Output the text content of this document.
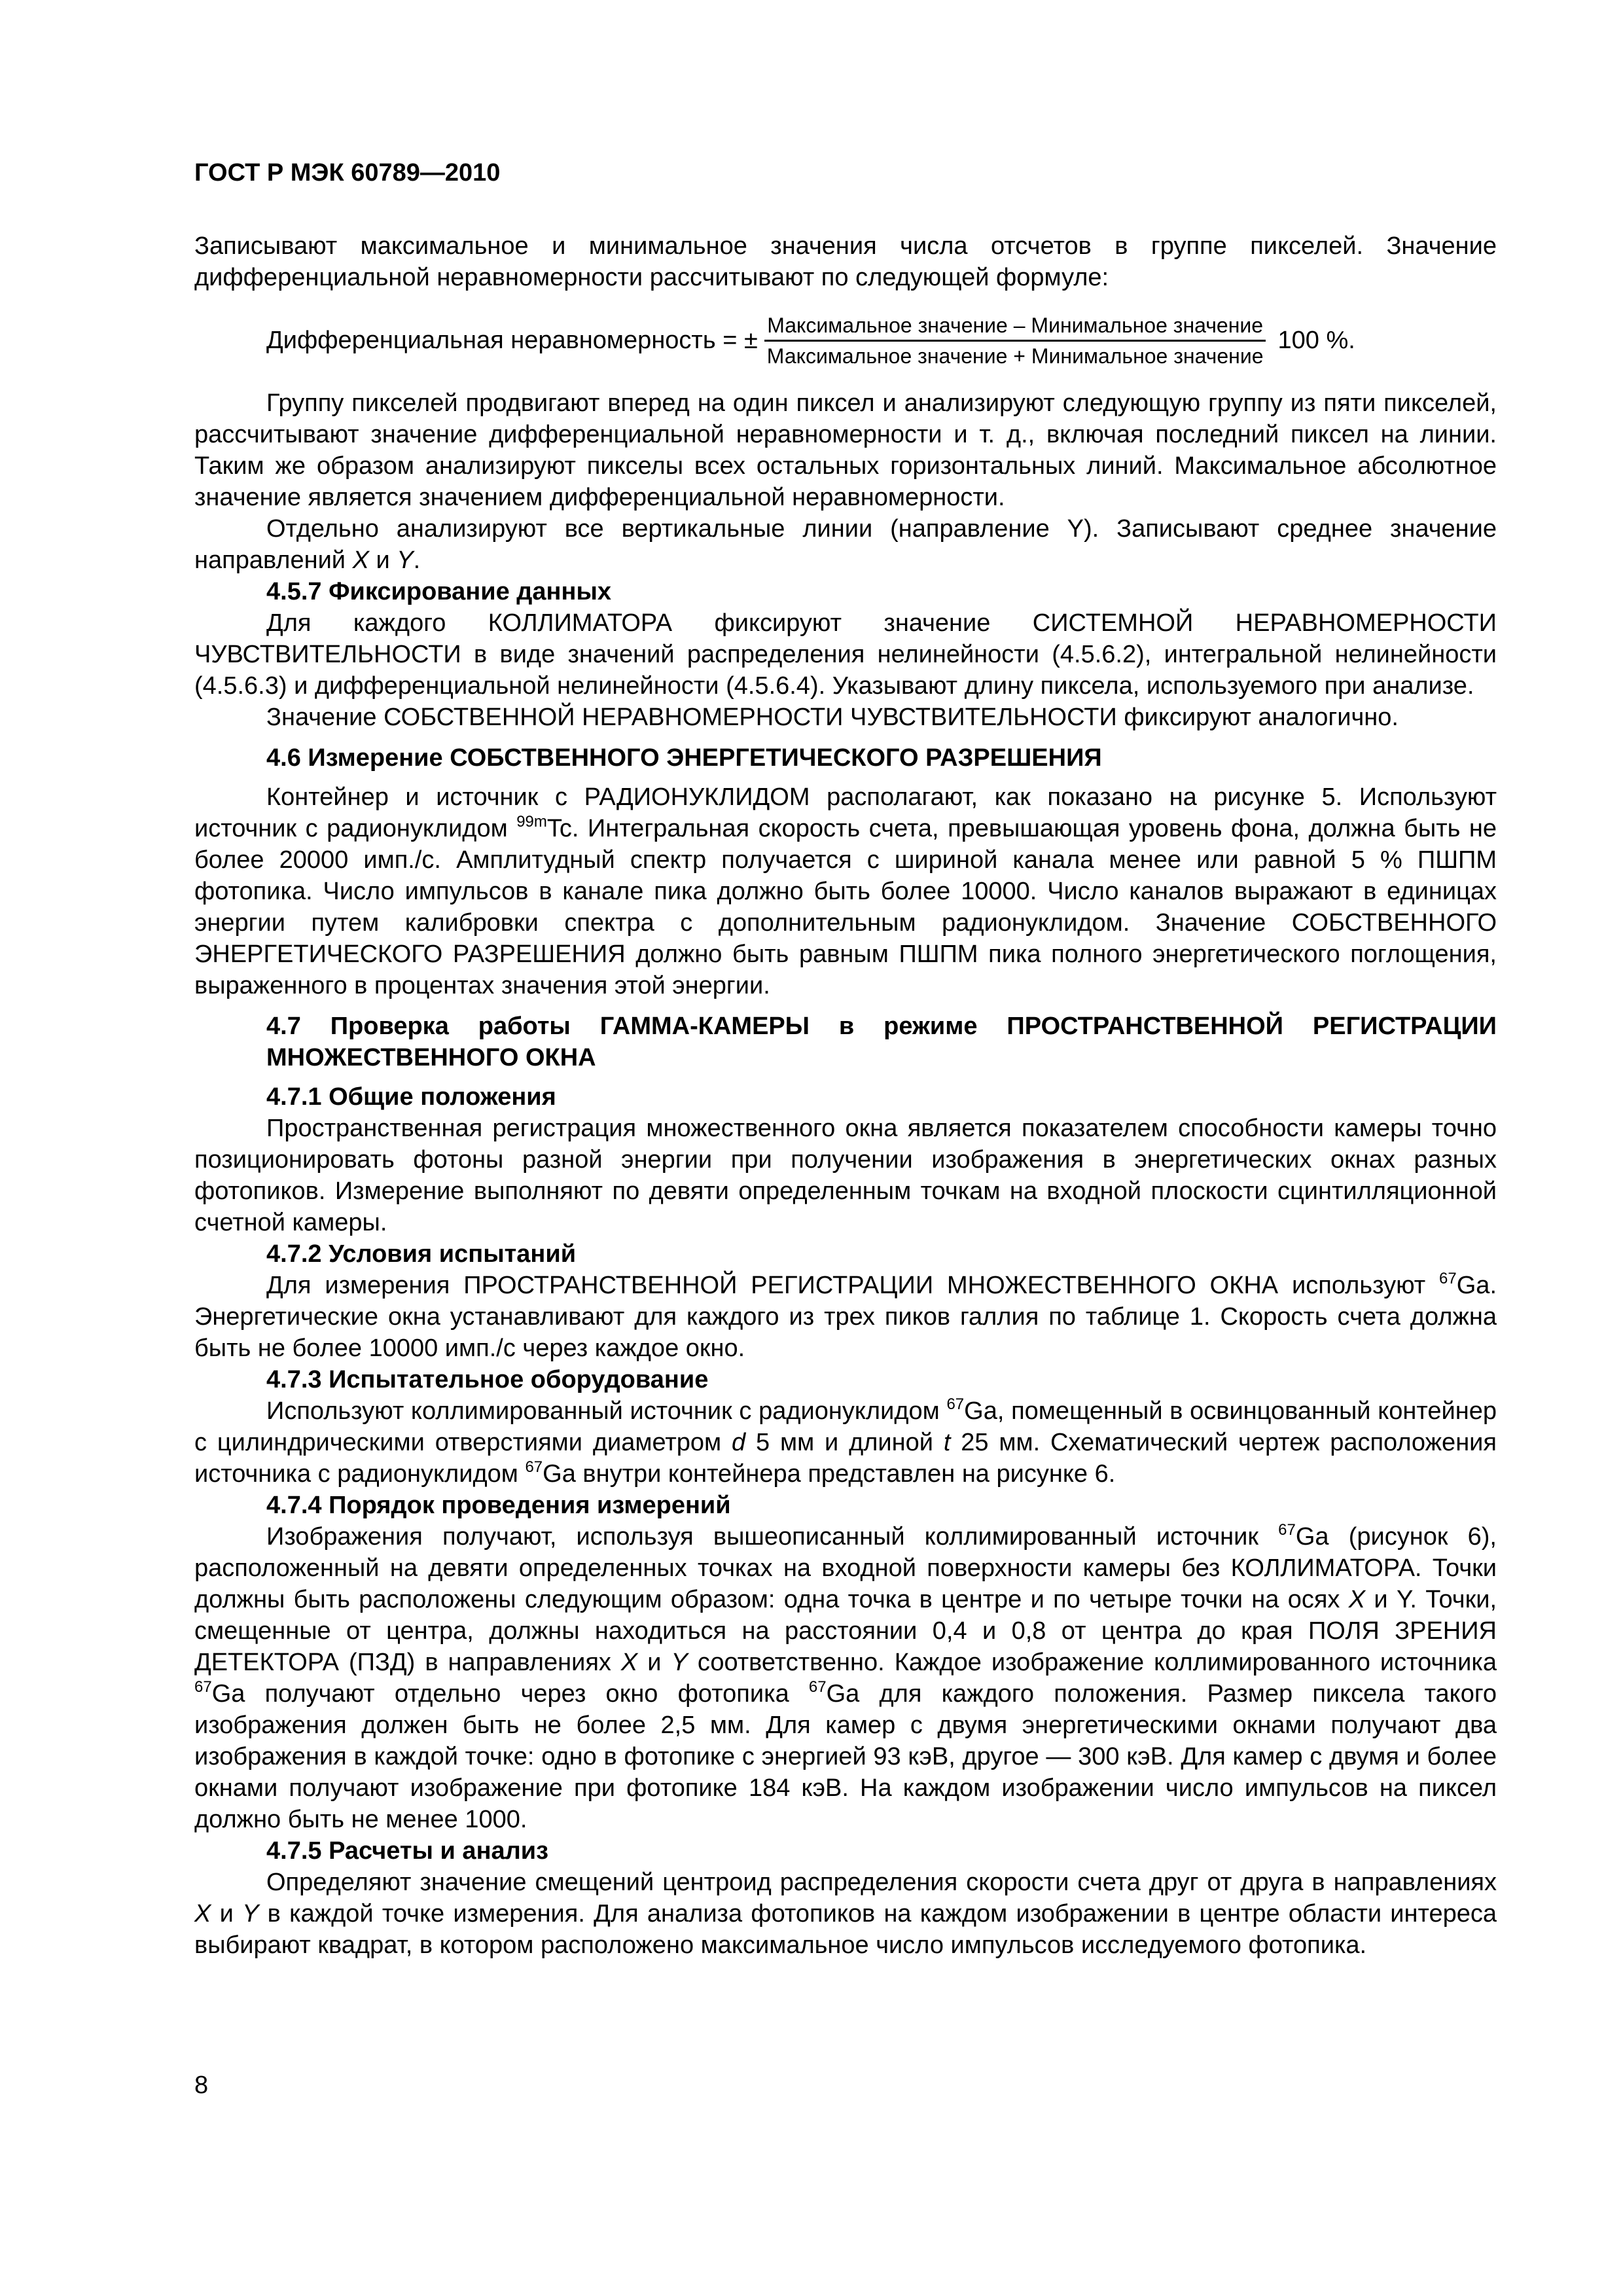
ГОСТ Р МЭК 60789—2010

Записывают максимальное и минимальное значения числа отсчетов в группе пикселей. Значение дифференциальной неравномерности рассчитывают по следующей формуле:

Дифференциальная неравномерность = ± $\frac{\text{Максимальное значение – Минимальное значение}}{\text{Максимальное значение + Минимальное значение}} 100$ %.

Группу пикселей продвигают вперед на один пиксел и анализируют следующую группу из пяти пикселей, рассчитывают значение дифференциальной неравномерности и т. д., включая последний пиксел на линии. Таким же образом анализируют пикселы всех остальных горизонтальных линий. Максимальное абсолютное значение является значением дифференциальной неравномерности.

Отдельно анализируют все вертикальные линии (направление Y). Записывают среднее значение направлений X и Y.

4.5.7 Фиксирование данных

Для каждого КОЛЛИМАТОРА фиксируют значение СИСТЕМНОЙ НЕРАВНОМЕРНОСТИ ЧУВСТВИТЕЛЬНОСТИ в виде значений распределения нелинейности (4.5.6.2), интегральной нелинейности (4.5.6.3) и дифференциальной нелинейности (4.5.6.4). Указывают длину пиксела, используемого при анализе.

Значение СОБСТВЕННОЙ НЕРАВНОМЕРНОСТИ ЧУВСТВИТЕЛЬНОСТИ фиксируют аналогично.

4.6 Измерение СОБСТВЕННОГО ЭНЕРГЕТИЧЕСКОГО РАЗРЕШЕНИЯ

Контейнер и источник с РАДИОНУКЛИДОМ располагают, как показано на рисунке 5. Используют источник с радионуклидом $^{99m}$Tc. Интегральная скорость счета, превышающая уровень фона, должна быть не более 20000 имп./с. Амплитудный спектр получается с шириной канала менее или равной 5 % ПШПМ фотопика. Число импульсов в канале пика должно быть более 10000. Число каналов выражают в единицах энергии путем калибровки спектра с дополнительным радионуклидом. Значение СОБСТВЕННОГО ЭНЕРГЕТИЧЕСКОГО РАЗРЕШЕНИЯ должно быть равным ПШПМ пика полного энергетического поглощения, выраженного в процентах значения этой энергии.

4.7 Проверка работы ГАММА-КАМЕРЫ в режиме ПРОСТРАНСТВЕННОЙ РЕГИСТРАЦИИ МНОЖЕСТВЕННОГО ОКНА
4.7.1 Общие положения

Пространственная регистрация множественного окна является показателем способности камеры точно позиционировать фотоны разной энергии при получении изображения в энергетических окнах разных фотопиков. Измерение выполняют по девяти определенным точкам на входной плоскости сцинтилляционной счетной камеры.

4.7.2 Условия испытаний

Для измерения ПРОСТРАНСТВЕННОЙ РЕГИСТРАЦИИ МНОЖЕСТВЕННОГО ОКНА используют $^{67}$Ga. Энергетические окна устанавливают для каждого из трех пиков галлия по таблице 1. Скорость счета должна быть не более 10000 имп./с через каждое окно.

4.7.3 Испытательное оборудование

Используют коллимированный источник с радионуклидом $^{67}$Ga, помещенный в освинцованный контейнер с цилиндрическими отверстиями диаметром d 5 мм и длиной t 25 мм. Схематический чертеж расположения источника с радионуклидом $^{67}$Ga внутри контейнера представлен на рисунке 6.

4.7.4 Порядок проведения измерений

Изображения получают, используя вышеописанный коллимированный источник $^{67}$Ga (рисунок 6), расположенный на девяти определенных точках на входной поверхности камеры без КОЛЛИМАТОРА. Точки должны быть расположены следующим образом: одна точка в центре и по четыре точки на осях X и Y. Точки, смещенные от центра, должны находиться на расстоянии 0,4 и 0,8 от центра до края ПОЛЯ ЗРЕНИЯ ДЕТЕКТОРА (ПЗД) в направлениях X и Y соответственно. Каждое изображение коллимированного источника $^{67}$Ga получают отдельно через окно фотопика $^{67}$Ga для каждого положения. Размер пиксела такого изображения должен быть не более 2,5 мм. Для камер с двумя энергетическими окнами получают два изображения в каждой точке: одно в фотопике с энергией 93 кэВ, другое — 300 кэВ. Для камер с двумя и более окнами получают изображение при фотопике 184 кэВ. На каждом изображении число импульсов на пиксел должно быть не менее 1000.

4.7.5 Расчеты и анализ

Определяют значение смещений центроид распределения скорости счета друг от друга в направлениях X и Y в каждой точке измерения. Для анализа фотопиков на каждом изображении в центре области интереса выбирают квадрат, в котором расположено максимальное число импульсов исследуемого фотопика.

8
